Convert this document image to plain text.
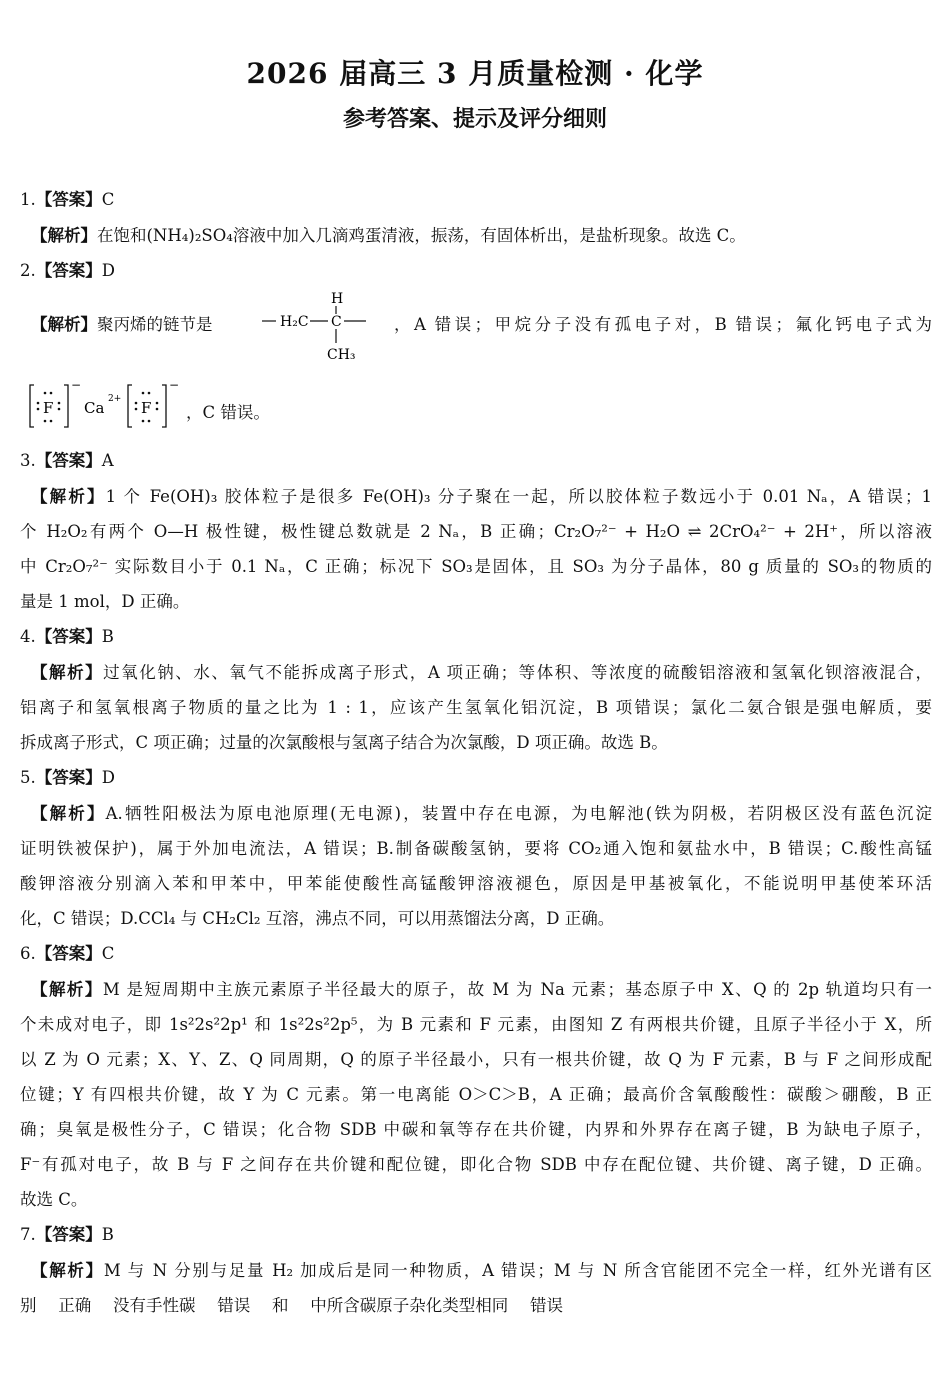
2026 届高三 3 月质量检测 · 化学
参考答案、提示及评分细则
1.【答案】C
【解析】在饱和(NH₄)₂SO₄溶液中加入几滴鸡蛋清液，振荡，有固体析出，是盐析现象。故选 C。
2.【答案】D
【解析】聚丙烯的链节是	H₂C C
H
CH₃
，A 错误；甲烷分子没有孤电子对，B 错误；氟化钙电子式为
F
−
Ca 2+ F
−
，C 错误。
3.【答案】A
【解析】1 个 Fe(OH)₃ 胶体粒子是很多 Fe(OH)₃ 分子聚在一起，所以胶体粒子数远小于 0.01 Nₐ，A 错误；1
个 H₂O₂有两个 O—H 极性键，极性键总数就是 2 Nₐ，B 正确；Cr₂O₇²⁻ + H₂O ⇌ 2CrO₄²⁻ + 2H⁺，所以溶液
中 Cr₂O₇²⁻ 实际数目小于 0.1 Nₐ，C 正确；标况下 SO₃是固体，且 SO₃ 为分子晶体，80 g 质量的 SO₃的物质的
量是 1 mol，D 正确。
4.【答案】B
【解析】过氧化钠、水、氧气不能拆成离子形式，A 项正确；等体积、等浓度的硫酸铝溶液和氢氧化钡溶液混合，
铝离子和氢氧根离子物质的量之比为 1 : 1，应该产生氢氧化铝沉淀，B 项错误；氯化二氨合银是强电解质，要
拆成离子形式，C 项正确；过量的次氯酸根与氢离子结合为次氯酸，D 项正确。故选 B。
5.【答案】D
【解析】A.牺牲阳极法为原电池原理(无电源)，装置中存在电源，为电解池(铁为阴极，若阴极区没有蓝色沉淀
证明铁被保护)，属于外加电流法，A 错误；B.制备碳酸氢钠，要将 CO₂通入饱和氨盐水中，B 错误；C.酸性高锰
酸钾溶液分别滴入苯和甲苯中，甲苯能使酸性高锰酸钾溶液褪色，原因是甲基被氧化，不能说明甲基使苯环活
化，C 错误；D.CCl₄ 与 CH₂Cl₂ 互溶，沸点不同，可以用蒸馏法分离，D 正确。
6.【答案】C
【解析】M 是短周期中主族元素原子半径最大的原子，故 M 为 Na 元素；基态原子中 X、Q 的 2p 轨道均只有一
个未成对电子，即 1s²2s²2p¹ 和 1s²2s²2p⁵，为 B 元素和 F 元素，由图知 Z 有两根共价键，且原子半径小于 X，所
以 Z 为 O 元素；X、Y、Z、Q 同周期，Q 的原子半径最小，只有一根共价键，故 Q 为 F 元素，B 与 F 之间形成配
位键；Y 有四根共价键，故 Y 为 C 元素。第一电离能 O＞C＞B，A 正确；最高价含氧酸酸性：碳酸＞硼酸，B 正
确；臭氧是极性分子，C 错误；化合物 SDB 中碳和氧等存在共价键，内界和外界存在离子键，B 为缺电子原子，
F⁻有孤对电子，故 B 与 F 之间存在共价键和配位键，即化合物 SDB 中存在配位键、共价键、离子键，D 正确。
故选 C。
7.【答案】B
【解析】M 与 N 分别与足量 H₂ 加成后是同一种物质，A 错误；M 与 N 所含官能团不完全一样，红外光谱有区
别　 正确　 没有手性碳　 错误　 和　 中所含碳原子杂化类型相同　 错误
